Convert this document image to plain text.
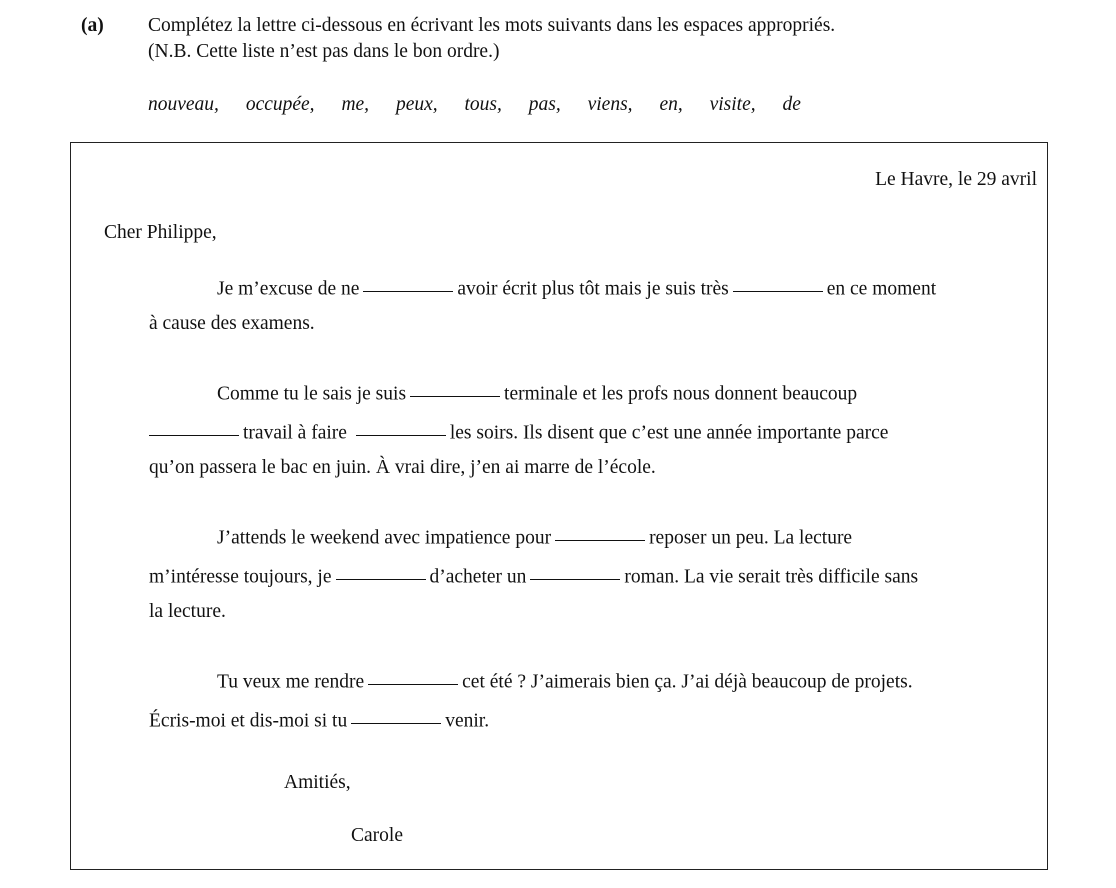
(a) Complétez la lettre ci-dessous en écrivant les mots suivants dans les espaces appropriés.
(N.B. Cette liste n’est pas dans le bon ordre.)
nouveau, occupée, me, peux, tous, pas, viens, en, visite, de
Le Havre, le 29 avril
Cher Philippe,
Je m’excuse de ne	avoir écrit plus tôt mais je suis très	en ce moment
à cause des examens.
Comme tu le sais je suis	terminale et les profs nous donnent beaucoup
travail à faire	les soirs. Ils disent que c’est une année importante parce
qu’on passera le bac en juin. À vrai dire, j’en ai marre de l’école.
J’attends le weekend avec impatience pour	reposer un peu. La lecture
m’intéresse toujours, je	d’acheter un	roman. La vie serait très difficile sans
la lecture.
Tu veux me rendre	cet été ? J’aimerais bien ça. J’ai déjà beaucoup de projets.
Écris-moi et dis-moi si tu	venir.
Amitiés,
Carole
